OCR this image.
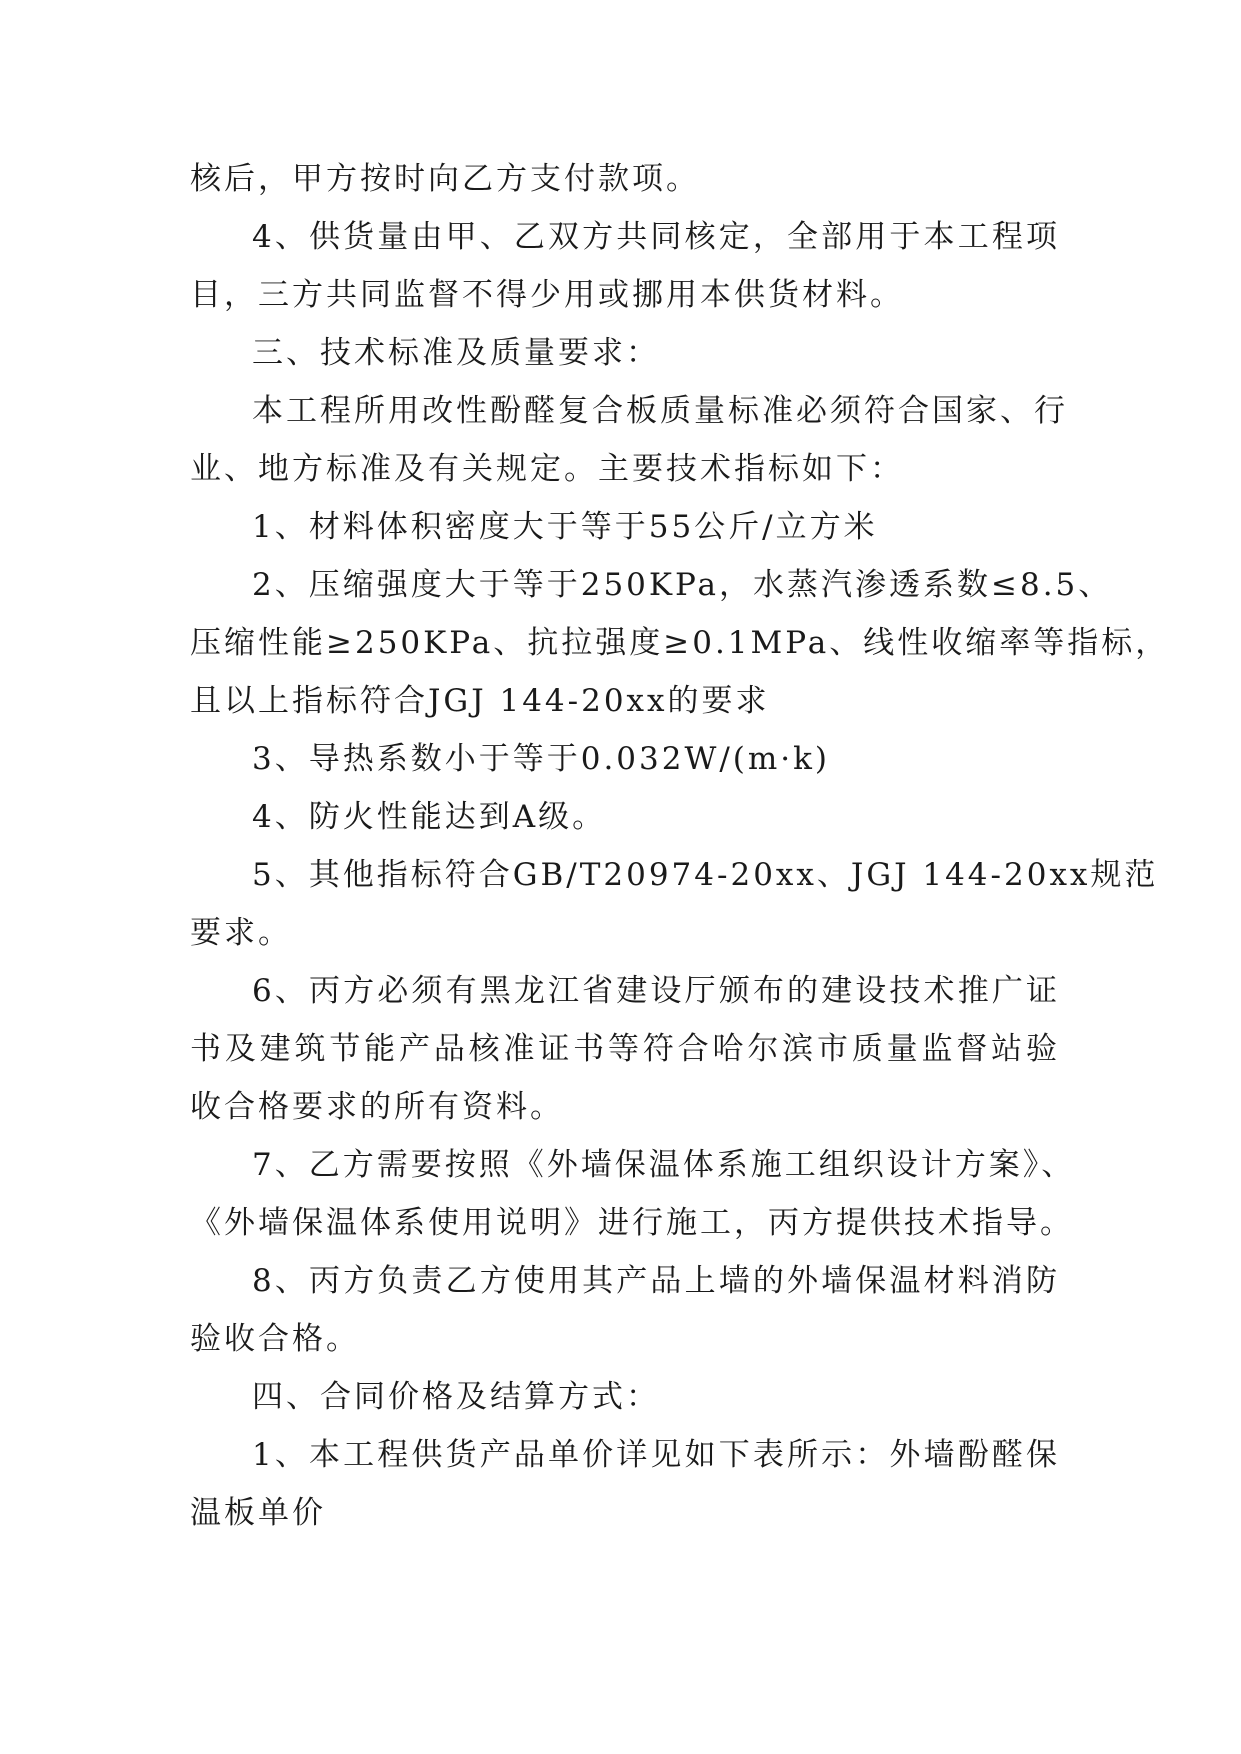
核后，甲方按时向乙方支付款项。
4、供货量由甲、乙双方共同核定，全部用于本工程项
目，三方共同监督不得少用或挪用本供货材料。
三、技术标准及质量要求：
本工程所用改性酚醛复合板质量标准必须符合国家、行
业、地方标准及有关规定。主要技术指标如下：
1、材料体积密度大于等于55公斤/立方米
2、压缩强度大于等于250KPa，水蒸汽渗透系数≤8.5、
压缩性能≥250KPa、抗拉强度≥0.1MPa、线性收缩率等指标，
且以上指标符合JGJ 144-20xx的要求
3、导热系数小于等于0.032W/(m·k)
4、防火性能达到A级。
5、其他指标符合GB/T20974-20xx、JGJ 144-20xx规范
要求。
6、丙方必须有黑龙江省建设厅颁布的建设技术推广证
书及建筑节能产品核准证书等符合哈尔滨市质量监督站验
收合格要求的所有资料。
7、乙方需要按照《外墙保温体系施工组织设计方案》、
《外墙保温体系使用说明》进行施工，丙方提供技术指导。
8、丙方负责乙方使用其产品上墙的外墙保温材料消防
验收合格。
四、合同价格及结算方式：
1、本工程供货产品单价详见如下表所示：外墙酚醛保
温板单价
